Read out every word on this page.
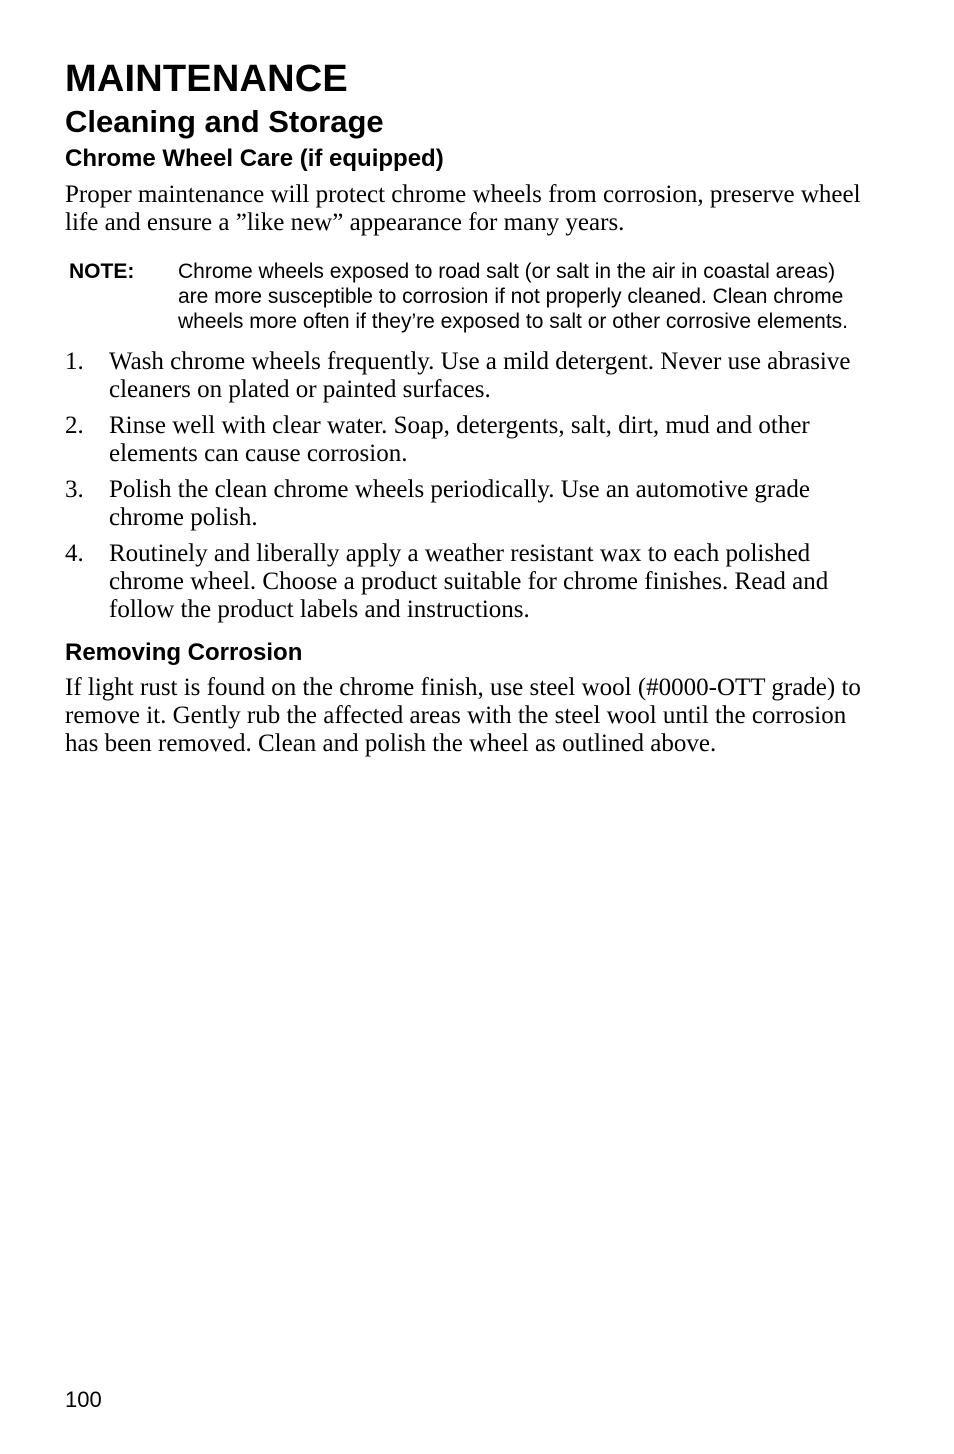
MAINTENANCE
Cleaning and Storage
Chrome Wheel Care (if equipped)

Proper maintenance will protect chrome wheels from corrosion, preserve wheel life and ensure a ”like new” appearance for many years.

NOTE:	Chrome wheels exposed to road salt (or salt in the air in coastal areas) are more susceptible to corrosion if not properly cleaned. Clean chrome wheels more often if they’re exposed to salt or other corrosive elements.
1.	Wash chrome wheels frequently. Use a mild detergent. Never use abrasive cleaners on plated or painted surfaces.
2.	Rinse well with clear water. Soap, detergents, salt, dirt, mud and other elements can cause corrosion.
3.	Polish the clean chrome wheels periodically. Use an automotive grade chrome polish.
4.	Routinely and liberally apply a weather resistant wax to each polished chrome wheel. Choose a product suitable for chrome finishes. Read and follow the product labels and instructions.
Removing Corrosion

If light rust is found on the chrome finish, use steel wool (#0000-OTT grade) to remove it. Gently rub the affected areas with the steel wool until the corrosion has been removed. Clean and polish the wheel as outlined above.

100
